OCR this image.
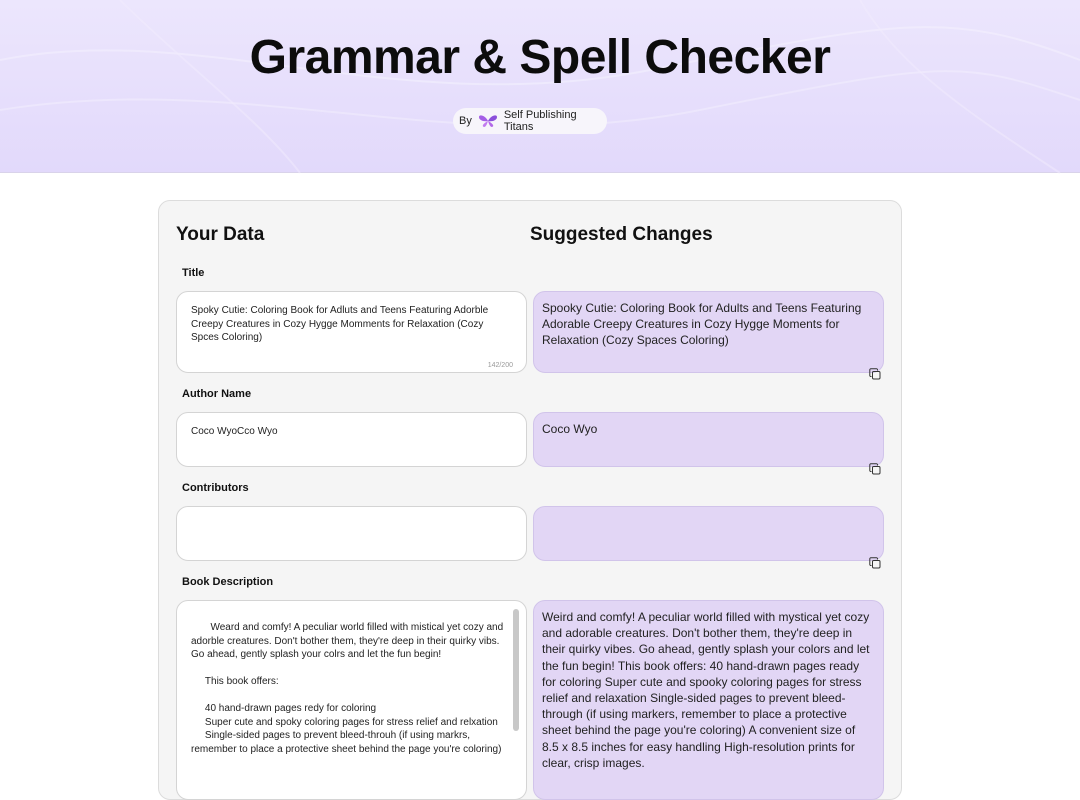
Grammar & Spell Checker
By	Self Publishing Titans
Your Data	Suggested Changes
Title
Spoky Cutie: Coloring Book for Adluts and Teens Featuring Adorble Creepy Creatures in Cozy Hygge Momments for Relaxation (Cozy Spces Coloring)
142/200
Spooky Cutie: Coloring Book for Adults and Teens Featuring Adorable Creepy Creatures in Cozy Hygge Moments for Relaxation (Cozy Spaces Coloring)
Author Name
Coco WyoCco Wyo	Coco Wyo
Contributors
Book Description
Weard and comfy! A peculiar world filled with mistical yet cozy and adorble creatures. Don't bother them, they're deep in their quirky vibs. Go ahead, gently splash your colrs and let the fun begin!

This book offers:

40 hand-drawn pages redy for coloring
Super cute and spoky coloring pages for stress relief and relxation
Single-sided pages to prevent bleed-throuh (if using markrs, remember to place a protective sheet behind the page you're coloring)
Weird and comfy! A peculiar world filled with mystical yet cozy and adorable creatures. Don't bother them, they're deep in their quirky vibes. Go ahead, gently splash your colors and let the fun begin! This book offers: 40 hand-drawn pages ready for coloring Super cute and spooky coloring pages for stress relief and relaxation Single-sided pages to prevent bleed-through (if using markers, remember to place a protective sheet behind the page you're coloring) A convenient size of 8.5 x 8.5 inches for easy handling High-resolution prints for clear, crisp images.
